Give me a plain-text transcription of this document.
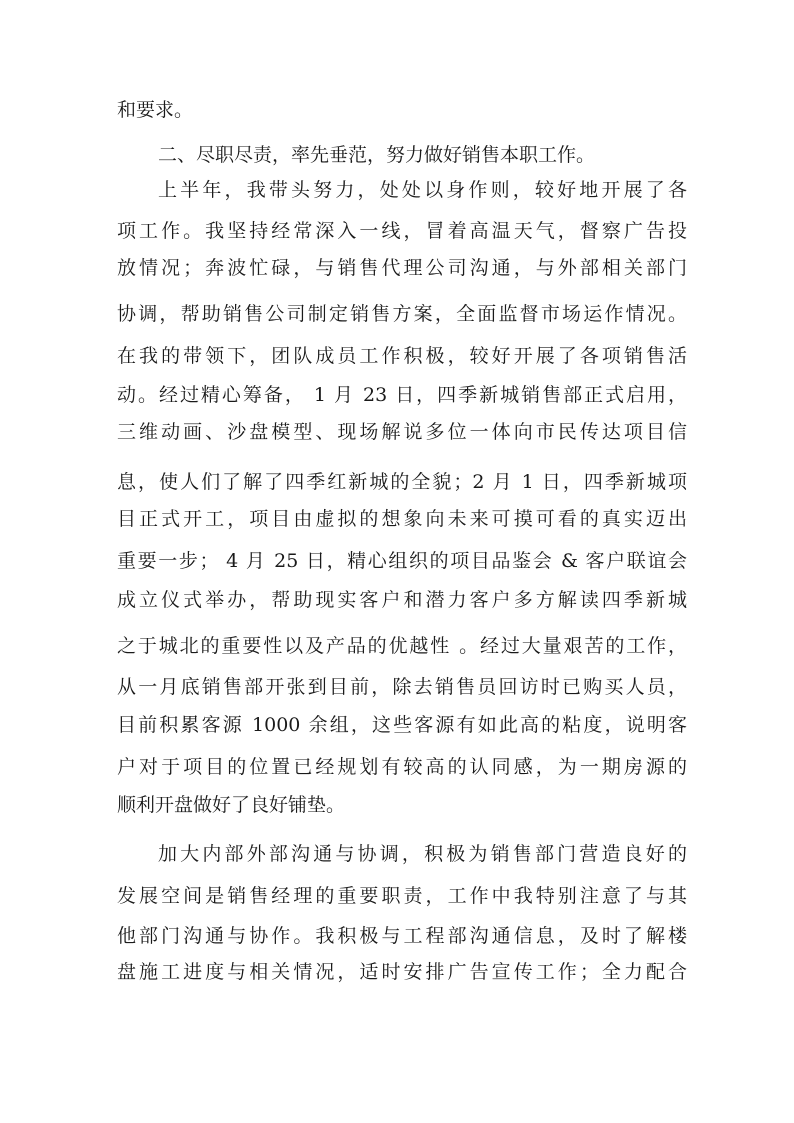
和要求。
二、尽职尽责，率先垂范，努力做好销售本职工作。
上半年，我带头努力，处处以身作则，较好地开展了各
项工作。我坚持经常深入一线，冒着高温天气，督察广告投
放情况；奔波忙碌，与销售代理公司沟通，与外部相关部门
协调，帮助销售公司制定销售方案，全面监督市场运作情况。
在我的带领下，团队成员工作积极，较好开展了各项销售活
动。经过精心筹备， 1 月 23 日，四季新城销售部正式启用，
三维动画、沙盘模型、现场解说多位一体向市民传达项目信
息，使人们了解了四季红新城的全貌；2 月 1 日，四季新城项
目正式开工，项目由虚拟的想象向未来可摸可看的真实迈出
重要一步； 4 月 25 日，精心组织的项目品鉴会 & 客户联谊会
成立仪式举办，帮助现实客户和潜力客户多方解读四季新城
之于城北的重要性以及产品的优越性 。经过大量艰苦的工作，
从一月底销售部开张到目前，除去销售员回访时已购买人员，
目前积累客源 1000 余组，这些客源有如此高的粘度，说明客
户对于项目的位置已经规划有较高的认同感，为一期房源的
顺利开盘做好了良好铺垫。
加大内部外部沟通与协调，积极为销售部门营造良好的
发展空间是销售经理的重要职责，工作中我特别注意了与其
他部门沟通与协作。我积极与工程部沟通信息，及时了解楼
盘施工进度与相关情况，适时安排广告宣传工作；全力配合
